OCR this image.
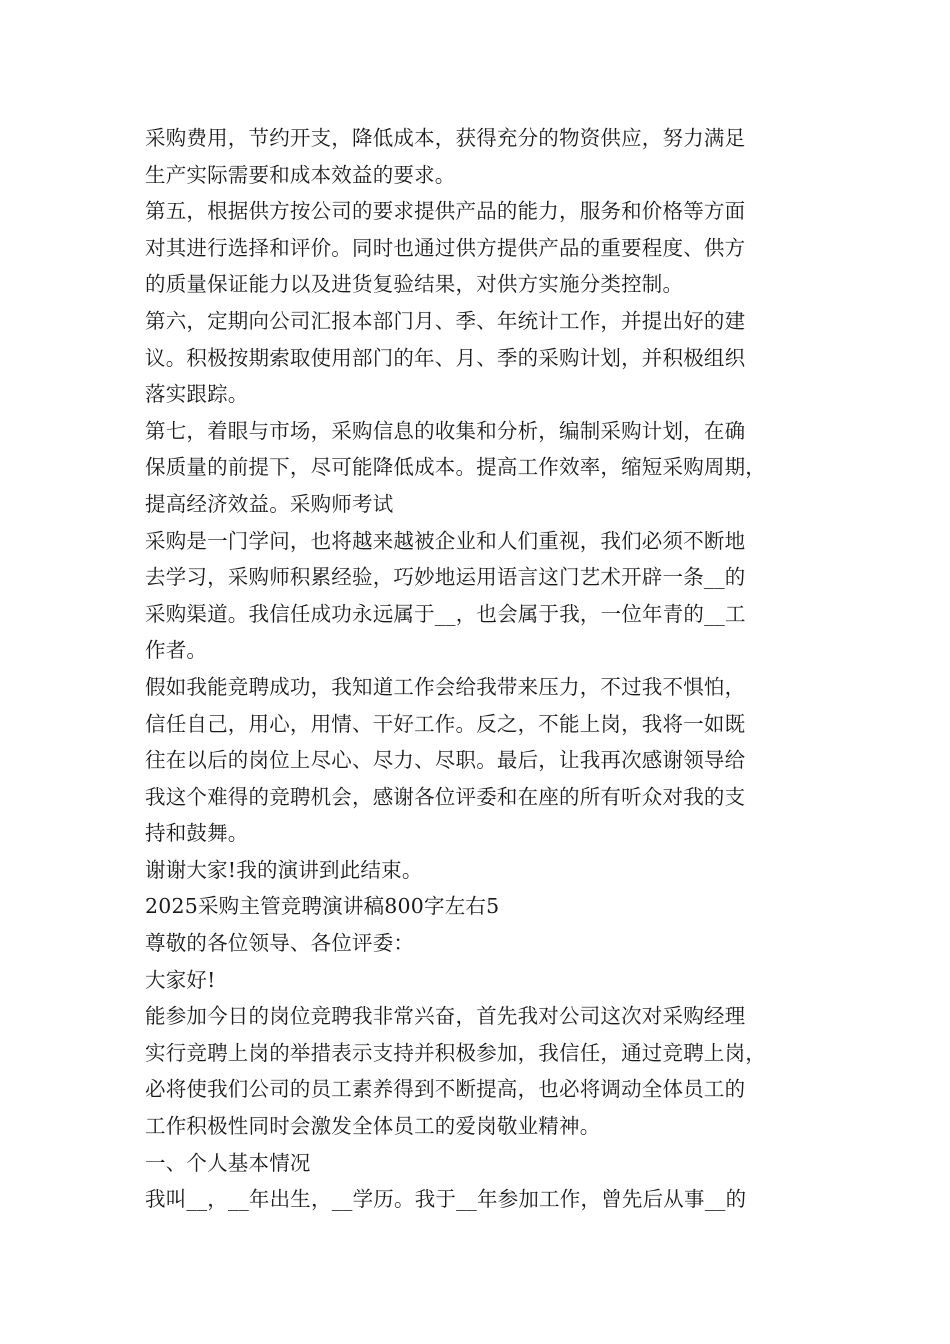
采购费用，节约开支，降低成本，获得充分的物资供应，努力满足
生产实际需要和成本效益的要求。
第五，根据供方按公司的要求提供产品的能力，服务和价格等方面
对其进行选择和评价。同时也通过供方提供产品的重要程度、供方
的质量保证能力以及进货复验结果，对供方实施分类控制。
第六，定期向公司汇报本部门月、季、年统计工作，并提出好的建
议。积极按期索取使用部门的年、月、季的采购计划，并积极组织
落实跟踪。
第七，着眼与市场，采购信息的收集和分析，编制采购计划，在确
保质量的前提下，尽可能降低成本。提高工作效率，缩短采购周期，
提高经济效益。采购师考试
采购是一门学问，也将越来越被企业和人们重视，我们必须不断地
去学习，采购师积累经验，巧妙地运用语言这门艺术开辟一条__的
采购渠道。我信任成功永远属于__，也会属于我，一位年青的__工
作者。
假如我能竞聘成功，我知道工作会给我带来压力，不过我不惧怕，
信任自己，用心，用情、干好工作。反之，不能上岗，我将一如既
往在以后的岗位上尽心、尽力、尽职。最后，让我再次感谢领导给
我这个难得的竞聘机会，感谢各位评委和在座的所有听众对我的支
持和鼓舞。
谢谢大家!我的演讲到此结束。
2025采购主管竞聘演讲稿800字左右5
尊敬的各位领导、各位评委：
大家好!
能参加今日的岗位竞聘我非常兴奋，首先我对公司这次对采购经理
实行竞聘上岗的举措表示支持并积极参加，我信任，通过竞聘上岗，
必将使我们公司的员工素养得到不断提高，也必将调动全体员工的
工作积极性同时会激发全体员工的爱岗敬业精神。
一、个人基本情况
我叫__，__年出生，__学历。我于__年参加工作，曾先后从事__的
